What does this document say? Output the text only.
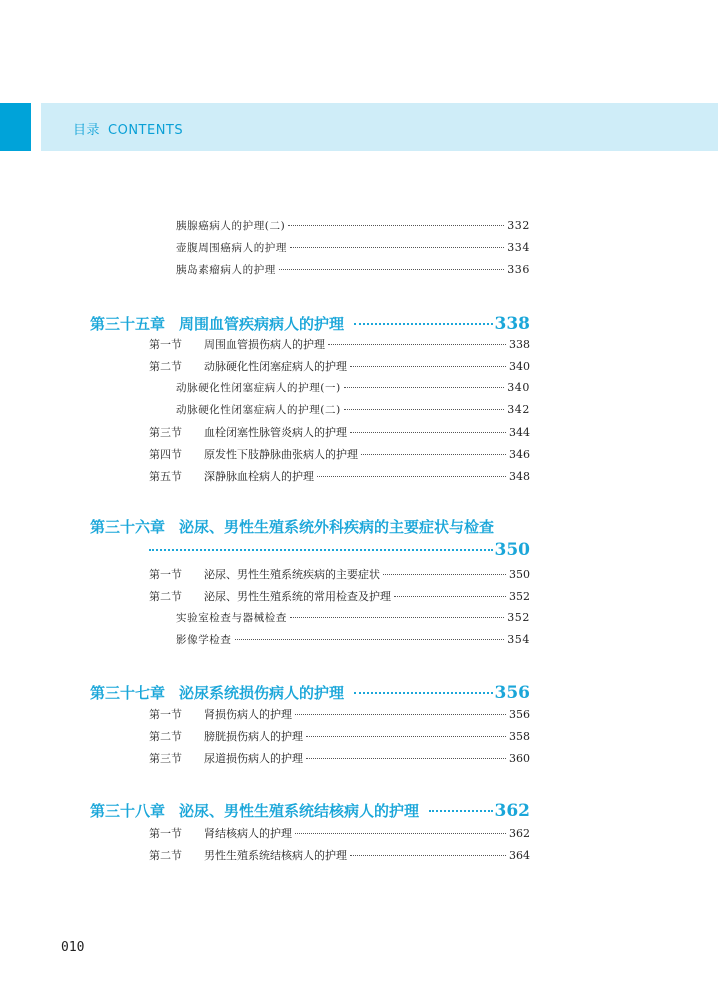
目录 CONTENTS
胰腺癌病人的护理(二)	332
壶腹周围癌病人的护理	334
胰岛素瘤病人的护理	336
第三十五章 周围血管疾病病人的护理	338
第一节	周围血管损伤病人的护理	338
第二节	动脉硬化性闭塞症病人的护理	340
动脉硬化性闭塞症病人的护理(一)	340
动脉硬化性闭塞症病人的护理(二)	342
第三节	血栓闭塞性脉管炎病人的护理	344
第四节	原发性下肢静脉曲张病人的护理	346
第五节	深静脉血栓病人的护理	348
第三十六章 泌尿、男性生殖系统外科疾病的主要症状与检查
350
第一节	泌尿、男性生殖系统疾病的主要症状	350
第二节	泌尿、男性生殖系统的常用检查及护理	352
实验室检查与器械检查	352
影像学检查	354
第三十七章 泌尿系统损伤病人的护理	356
第一节	肾损伤病人的护理	356
第二节	膀胱损伤病人的护理	358
第三节	尿道损伤病人的护理	360
第三十八章 泌尿、男性生殖系统结核病人的护理	362
第一节	肾结核病人的护理	362
第二节	男性生殖系统结核病人的护理	364
010
